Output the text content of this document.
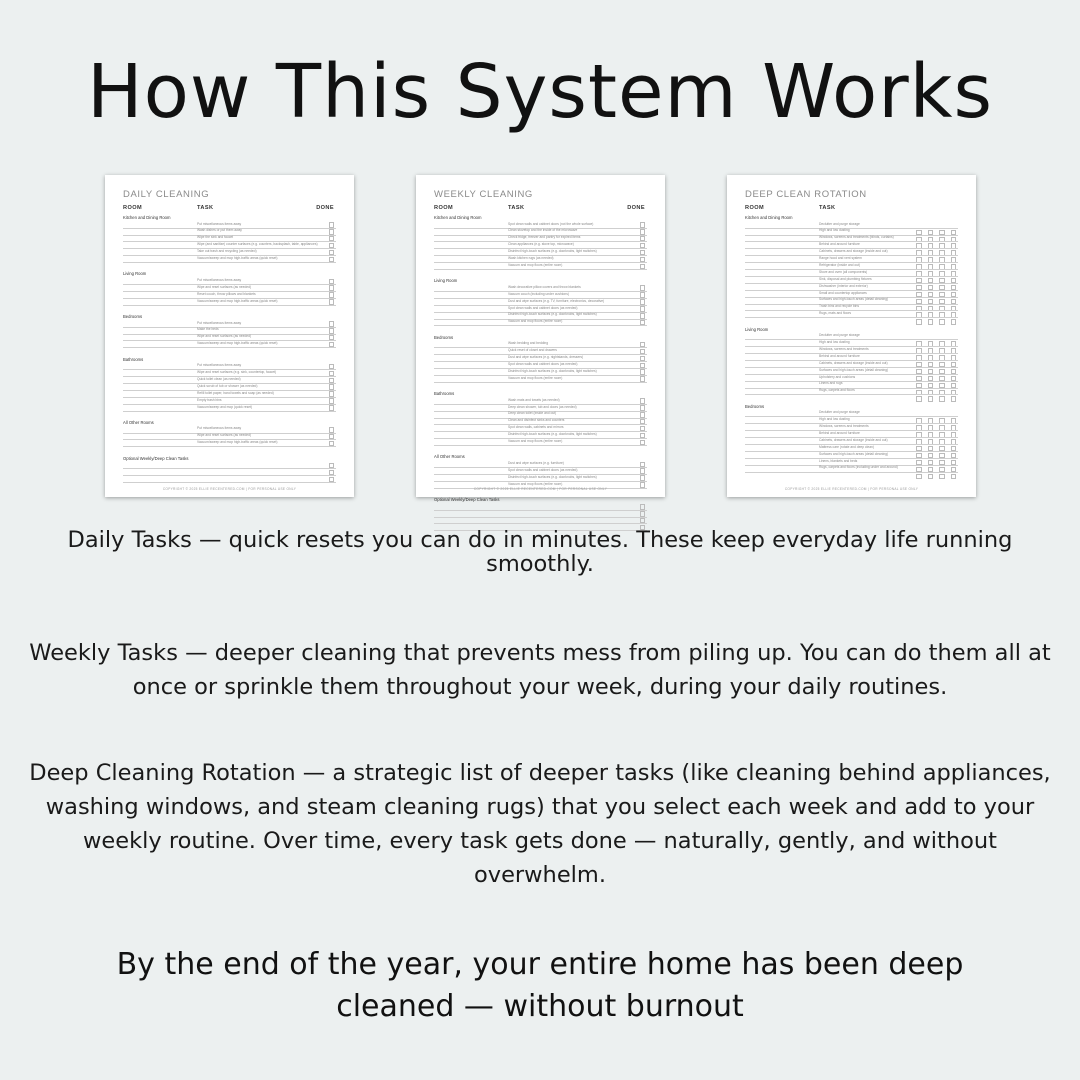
How This System Works
DAILY CLEANING
ROOM	TASK	DONE
Kitchen and Dining Room
Put miscellaneous items away
Wash dishes or put them away
Wipe the sink and faucet
Wipe (and sanitize) counter surfaces (e.g. counters, backsplash, table, appliances)
Take out trash and recycling (as needed)
Vacuum/sweep and mop high-traffic areas (quick reset)
Living Room
Put miscellaneous items away
Wipe and reset surfaces (as needed)
Reset couch, throw pillows and blankets
Vacuum/sweep and mop high-traffic areas (quick reset)
Bedrooms
Put miscellaneous items away
Make the beds
Wipe and reset surfaces (as needed)
Vacuum/sweep and mop high-traffic areas (quick reset)
Bathrooms
Put miscellaneous items away
Wipe and reset surfaces (e.g. sink, countertop, faucet)
Quick toilet clean (as needed)
Quick scrub of tub or shower (as needed)
Refill toilet paper, hand towels and soap (as needed)
Empty trash bins
Vacuum/sweep and mop (quick reset)
All Other Rooms
Put miscellaneous items away
Wipe and reset surfaces (as needed)
Vacuum/sweep and mop high-traffic areas (quick reset)
Optional Weekly/Deep Clean Tasks
COPYRIGHT © 2025 ELLIE RECENTERED.COM | FOR PERSONAL USE ONLY
WEEKLY CLEANING
ROOM	TASK	DONE
Kitchen and Dining Room
Spot clean walls and cabinet doors (not the whole surface)
Clean stovetop and the inside of the microwave
Check fridge, freezer and pantry for expired items
Clean appliances (e.g. stove top, microwave)
Disinfect high-touch surfaces (e.g. doorknobs, light switches)
Wash kitchen rugs (as needed)
Vacuum and mop floors (entire room)
Living Room
Wash decorative pillow covers and throw blankets
Vacuum couch (including under cushions)
Dust and wipe surfaces (e.g. TV, furniture, electronics, decorative)
Spot clean walls and cabinet doors (as needed)
Disinfect high-touch surfaces (e.g. doorknobs, light switches)
Vacuum and mop floors (entire room)
Bedrooms
Wash bedding and bedding
Quick reset of closet and drawers
Dust and wipe surfaces (e.g. nightstands, dressers)
Spot clean walls and cabinet doors (as needed)
Disinfect high-touch surfaces (e.g. doorknobs, light switches)
Vacuum and mop floors (entire room)
Bathrooms
Wash mats and towels (as needed)
Deep clean shower, tub and doors (as needed)
Deep clean toilet (inside and out)
Clean and disinfect sinks and counters
Spot clean walls, cabinets and mirrors
Disinfect high-touch surfaces (e.g. doorknobs, light switches)
Vacuum and mop floors (entire room)
All Other Rooms
Dust and wipe surfaces (e.g. furniture)
Spot clean walls and cabinet doors (as needed)
Disinfect high-touch surfaces (e.g. doorknobs, light switches)
Vacuum and mop floors (entire room)
Optional Weekly/Deep Clean Tasks
COPYRIGHT © 2025 ELLIE RECENTERED.COM | FOR PERSONAL USE ONLY
DEEP CLEAN ROTATION
ROOM	TASK
Kitchen and Dining Room
Declutter and purge storage
High and low dusting
Windows, screens and treatments (blinds, curtains)
Behind and around furniture
Cabinets, drawers and storage (inside and out)
Range hood and vent system
Refrigerator (inside and out)
Stove and oven (all components)
Sink, disposal and plumbing fixtures
Dishwasher (interior and exterior)
Small and countertop appliances
Surfaces and high-touch areas (detail cleaning)
Trash bins and recycle bins
Rugs, mats and floors
Living Room
Declutter and purge storage
High and low dusting
Windows, screens and treatments
Behind and around furniture
Cabinets, drawers and storage (inside and out)
Surfaces and high-touch areas (detail cleaning)
Upholstery and cushions
Linens and rugs
Rugs, carpets and floors
Bedrooms
Declutter and purge storage
High and low dusting
Windows, screens and treatments
Behind and around furniture
Cabinets, drawers and storage (inside and out)
Mattress care (rotate and deep clean)
Surfaces and high-touch areas (detail cleaning)
Linens, blankets and beds
Rugs, carpets and floors (including under and around)
COPYRIGHT © 2025 ELLIE RECENTERED.COM | FOR PERSONAL USE ONLY
Daily Tasks — quick resets you can do in minutes. These keep everyday life running smoothly.
Weekly Tasks — deeper cleaning that prevents mess from piling up. You can do them all at once or sprinkle them throughout your week, during your daily routines.
Deep Cleaning Rotation — a strategic list of deeper tasks (like cleaning behind appliances, washing windows, and steam cleaning rugs) that you select each week and add to your weekly routine. Over time, every task gets done — naturally, gently, and without overwhelm.
By the end of the year, your entire home has been deep cleaned — without burnout
